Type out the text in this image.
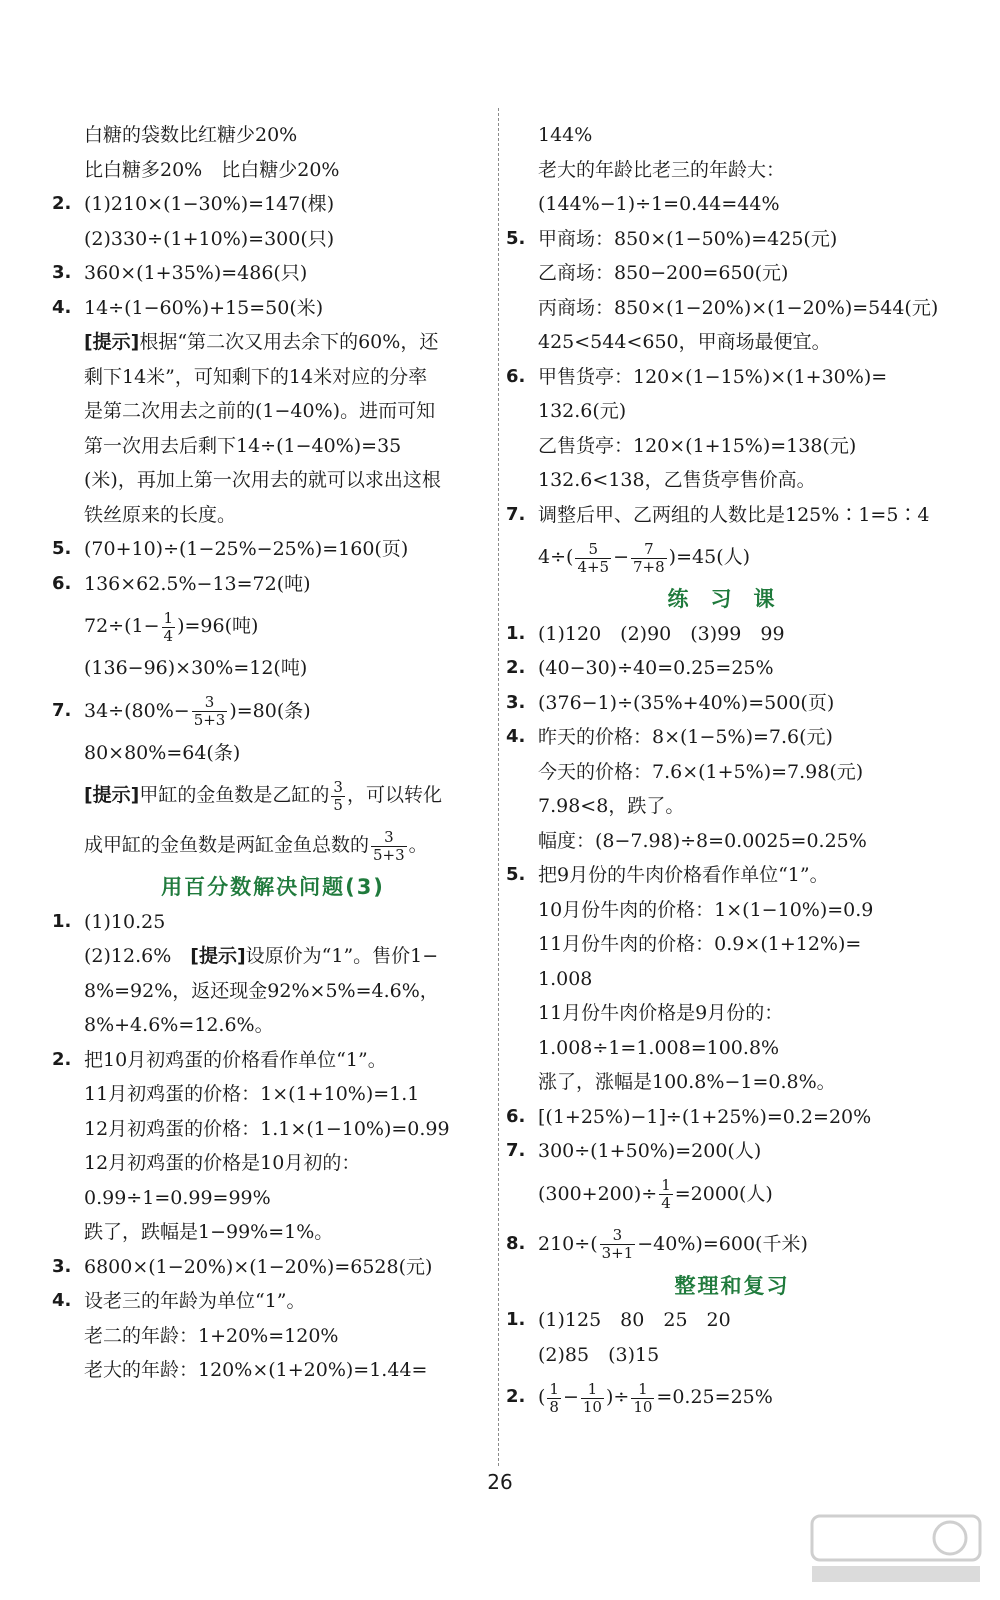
白糖的袋数比红糖少20%
比白糖多20%　比白糖少20%
2. (1)210×(1−30%)=147(棵)
(2)330÷(1+10%)=300(只)
3. 360×(1+35%)=486(只)
4. 14÷(1−60%)+15=50(米)
[提示]根据“第二次又用去余下的60%，还
剩下14米”，可知剩下的14米对应的分率
是第二次用去之前的(1−40%)。进而可知
第一次用去后剩下14÷(1−40%)=35
(米)，再加上第一次用去的就可以求出这根
铁丝原来的长度。
5. (70+10)÷(1−25%−25%)=160(页)
6. 136×62.5%−13=72(吨)
$72\div(1- \frac{1}{4} )=96$(吨)
(136−96)×30%=12(吨)
7. $34\div(80\%- \frac{3}{5+3} )=80$(条)
80×80%=64(条)
[提示]甲缸的金鱼数是乙缸的 $\frac{3}{5}$ ，可以转化
成甲缸的金鱼数是两缸金鱼总数的 $\frac{3}{5+3}$ 。
用百分数解决问题(3)
1. (1)10.25
(2)12.6%　[提示]设原价为“1”。售价1−
8%=92%，返还现金92%×5%=4.6%，
8%+4.6%=12.6%。
2. 把10月初鸡蛋的价格看作单位“1”。
11月初鸡蛋的价格：1×(1+10%)=1.1
12月初鸡蛋的价格：1.1×(1−10%)=0.99
12月初鸡蛋的价格是10月初的：
0.99÷1=0.99=99%
跌了，跌幅是1−99%=1%。
3. 6800×(1−20%)×(1−20%)=6528(元)
4. 设老三的年龄为单位“1”。
老二的年龄：1+20%=120%
老大的年龄：120%×(1+20%)=1.44=
144%
老大的年龄比老三的年龄大：
(144%−1)÷1=0.44=44%
5. 甲商场：850×(1−50%)=425(元)
乙商场：850−200=650(元)
丙商场：850×(1−20%)×(1−20%)=544(元)
425<544<650，甲商场最便宜。
6. 甲售货亭：120×(1−15%)×(1+30%)=
132.6(元)
乙售货亭：120×(1+15%)=138(元)
132.6<138，乙售货亭售价高。
7. 调整后甲、乙两组的人数比是125%∶1=5∶4
$4\div( \frac{5}{4+5} - \frac{7}{7+8} )=45$(人)
练习课
1. (1)120　(2)90　(3)99　99
2. (40−30)÷40=0.25=25%
3. (376−1)÷(35%+40%)=500(页)
4. 昨天的价格：8×(1−5%)=7.6(元)
今天的价格：7.6×(1+5%)=7.98(元)
7.98<8，跌了。
幅度：(8−7.98)÷8=0.0025=0.25%
5. 把9月份的牛肉价格看作单位“1”。
10月份牛肉的价格：1×(1−10%)=0.9
11月份牛肉的价格：0.9×(1+12%)=
1.008
11月份牛肉价格是9月份的：
1.008÷1=1.008=100.8%
涨了，涨幅是100.8%−1=0.8%。
6. [(1+25%)−1]÷(1+25%)=0.2=20%
7. 300÷(1+50%)=200(人)
$(300+200)\div \frac{1}{4} =2000$(人)
8. $210\div( \frac{3}{3+1} -40\%)=600$(千米)
整理和复习
1. (1)125　80　25　20
(2)85　(3)15
2. ( $\frac{1}{8} - \frac{1}{10}$ )÷ $\frac{1}{10} =0.25=25\%$
26
